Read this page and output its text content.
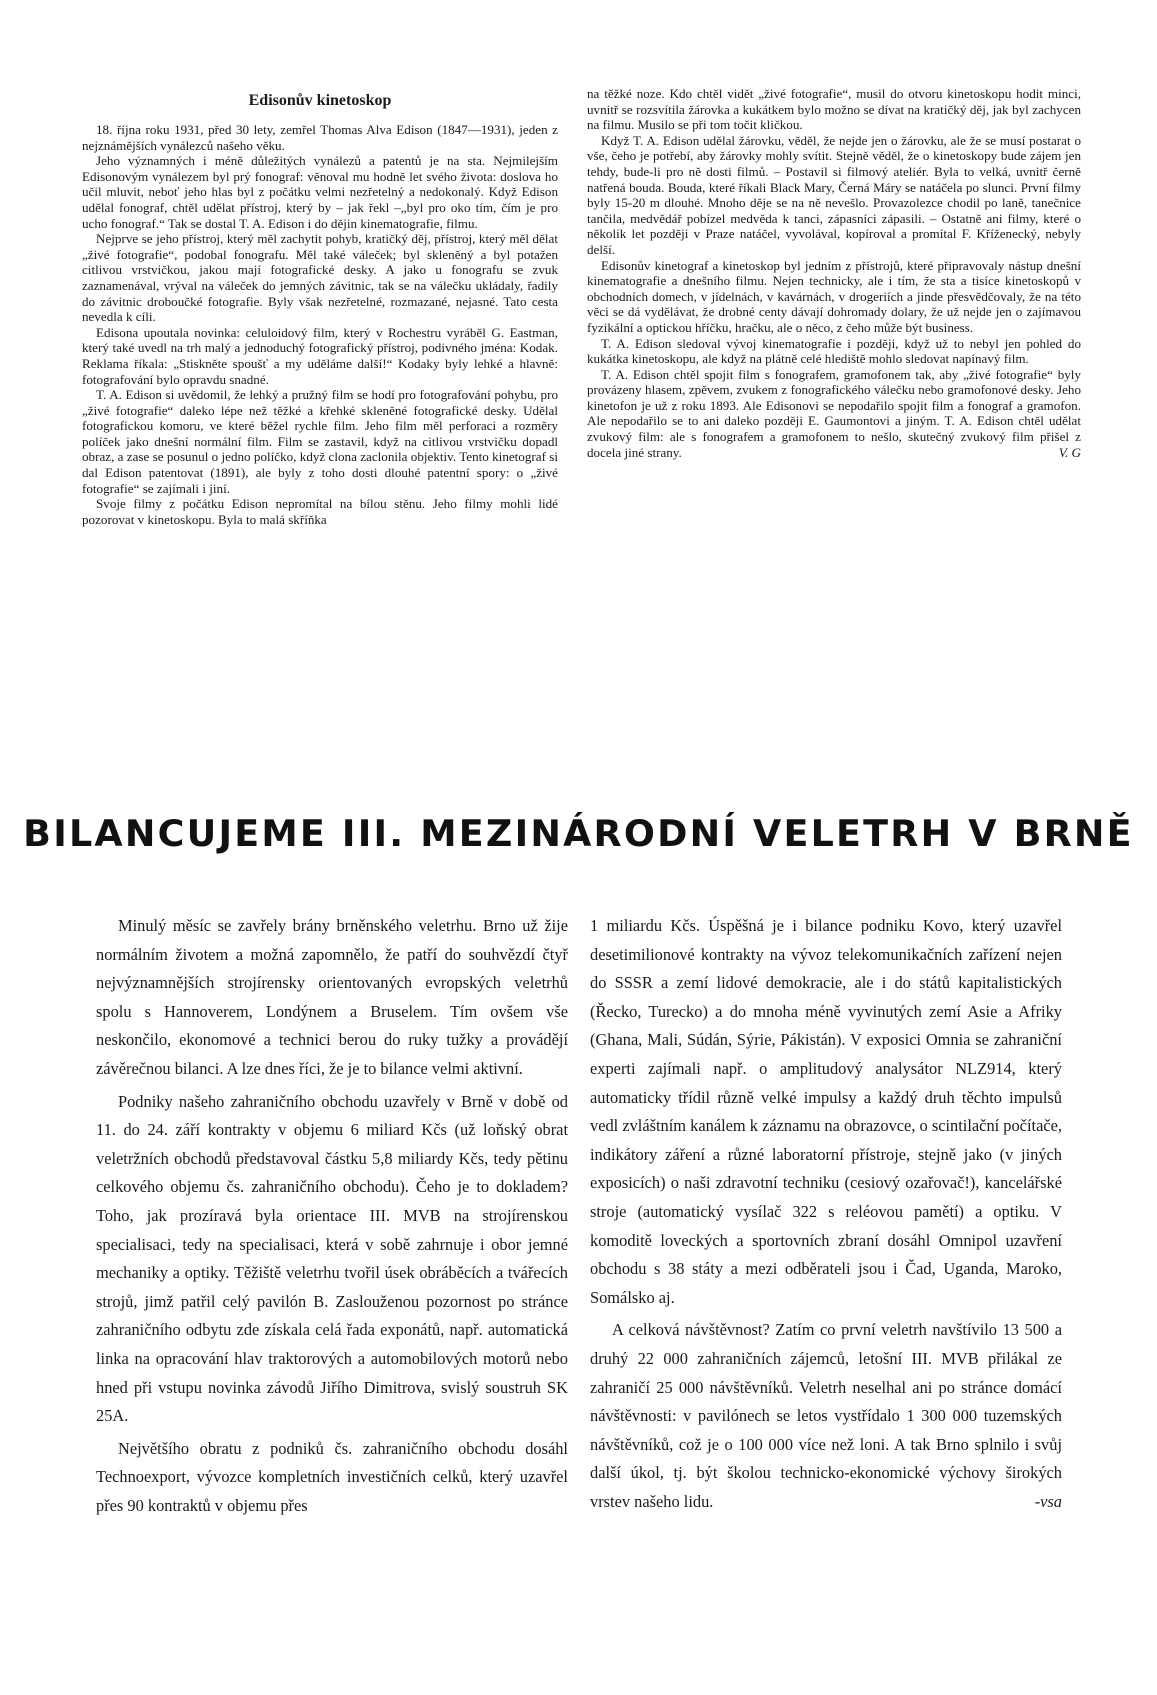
Edisonův kinetoskop

18. října roku 1931, před 30 lety, zemřel Thomas Alva Edison (1847—1931), jeden z nejznámějších vynálezců našeho věku.

Jeho významných i méně důležitých vynálezů a patentů je na sta. Nejmilejším Edisonovým vynálezem byl prý fonograf: věnoval mu hodně let svého života: doslova ho učil mluvit, neboť jeho hlas byl z počátku velmi nezřetelný a nedokonalý. Když Edison udělal fonograf, chtěl udělat přístroj, který by – jak řekl –„byl pro oko tím, čím je pro ucho fonograf.“ Tak se dostal T. A. Edison i do dějin kinematografie, filmu.

Nejprve se jeho přístroj, který měl zachytit pohyb, kratičký děj, přístroj, který měl dělat „živé fotografie“, podobal fonografu. Měl také váleček; byl skleněný a byl potažen citlivou vrstvičkou, jakou mají fotografické desky. A jako u fonografu se zvuk zaznamenával, vrýval na váleček do jemných závitnic, tak se na válečku ukládaly, řadily do závitnic droboučké fotografie. Byly však nezřetelné, rozmazané, nejasné. Tato cesta nevedla k cíli.

Edisona upoutala novinka: celuloidový film, který v Rochestru vyráběl G. Eastman, který také uvedl na trh malý a jednoduchý fotografický přístroj, podivného jména: Kodak. Reklama říkala: „Stiskněte spoušť a my uděláme další!“ Kodaky byly lehké a hlavně: fotografování bylo opravdu snadné.

T. A. Edison si uvědomil, že lehký a pružný film se hodí pro fotografování pohybu, pro „živé fotografie“ daleko lépe než těžké a křehké skleněné fotografické desky. Udělal fotografickou komoru, ve které běžel rychle film. Jeho film měl perforaci a rozměry políček jako dnešní normální film. Film se zastavil, když na citlivou vrstvičku dopadl obraz, a zase se posunul o jedno políčko, když clona zaclonila objektiv. Tento kinetograf si dal Edison patentovat (1891), ale byly z toho dosti dlouhé patentní spory: o „živé fotografie“ se zajímali i jiní.

Svoje filmy z počátku Edison nepromítal na bílou stěnu. Jeho filmy mohli lidé pozorovat v kinetoskopu. Byla to malá skříňka

na těžké noze. Kdo chtěl vidět „živé fotografie“, musil do otvoru kinetoskopu hodit minci, uvnitř se rozsvítila žárovka a kukátkem bylo možno se dívat na kratičký děj, jak byl zachycen na filmu. Musilo se při tom točit kličkou.

Když T. A. Edison udělal žárovku, věděl, že nejde jen o žárovku, ale že se musí postarat o vše, čeho je potřebí, aby žárovky mohly svítit. Stejně věděl, že o kinetoskopy bude zájem jen tehdy, bude-li pro ně dosti filmů. – Postavil si filmový ateliér. Byla to velká, uvnitř černě natřená bouda. Bouda, které říkali Black Mary, Černá Máry se natáčela po slunci. První filmy byly 15-20 m dlouhé. Mnoho děje se na ně nevešlo. Provazolezce chodil po laně, tanečnice tančila, medvědář pobízel medvěda k tanci, zápasníci zápasili. – Ostatně ani filmy, které o několik let později v Praze natáčel, vyvolával, kopíroval a promítal F. Kříženecký, nebyly delší.

Edisonův kinetograf a kinetoskop byl jedním z přístrojů, které připravovaly nástup dnešní kinematografie a dnešního filmu. Nejen technicky, ale i tím, že sta a tisíce kinetoskopů v obchodních domech, v jídelnách, v kavárnách, v drogeriích a jinde přesvědčovaly, že na této věci se dá vydělávat, že drobné centy dávají dohromady dolary, že už nejde jen o zajímavou fyzikální a optickou hříčku, hračku, ale o něco, z čeho může být business.

T. A. Edison sledoval vývoj kinematografie i později, když už to nebyl jen pohled do kukátka kinetoskopu, ale když na plátně celé hlediště mohlo sledovat napínavý film.

T. A. Edison chtěl spojit film s fonografem, gramofonem tak, aby „živé fotografie“ byly provázeny hlasem, zpěvem, zvukem z fonografického válečku nebo gramofonové desky. Jeho kinetofon je už z roku 1893. Ale Edisonovi se nepodařilo spojit film a fonograf a gramofon. Ale nepodařilo se to ani daleko později E. Gaumontovi a jiným. T. A. Edison chtěl udělat zvukový film: ale s fonografem a gramofonem to nešlo, skutečný zvukový film přišel z docela jiné strany.	V. G

BILANCUJEME III. MEZINÁRODNÍ VELETRH V BRNĚ

Minulý měsíc se zavřely brány brněnského veletrhu. Brno už žije normálním životem a možná zapomnělo, že patří do souhvězdí čtyř nejvýznamnějších strojírensky orientovaných evropských veletrhů spolu s Hannoverem, Londýnem a Bruselem. Tím ovšem vše neskončilo, ekonomové a technici berou do ruky tužky a provádějí závěrečnou bilanci. A lze dnes říci, že je to bilance velmi aktivní.

Podniky našeho zahraničního obchodu uzavřely v Brně v době od 11. do 24. září kontrakty v objemu 6 miliard Kčs (už loňský obrat veletržních obchodů představoval částku 5,8 miliardy Kčs, tedy pětinu celkového objemu čs. zahraničního obchodu). Čeho je to dokladem? Toho, jak prozíravá byla orientace III. MVB na strojírenskou specialisaci, tedy na specialisaci, která v sobě zahrnuje i obor jemné mechaniky a optiky. Těžiště veletrhu tvořil úsek obráběcích a tvářecích strojů, jimž patřil celý pavilón B. Zaslouženou pozornost po stránce zahraničního odbytu zde získala celá řada exponátů, např. automatická linka na opracování hlav traktorových a automobilových motorů nebo hned při vstupu novinka závodů Jiřího Dimitrova, svislý soustruh SK 25A.

Největšího obratu z podniků čs. zahraničního obchodu dosáhl Technoexport, vývozce kompletních investičních celků, který uzavřel přes 90 kontraktů v objemu přes

1 miliardu Kčs. Úspěšná je i bilance podniku Kovo, který uzavřel desetimilionové kontrakty na vývoz telekomunikačních zařízení nejen do SSSR a zemí lidové demokracie, ale i do států kapitalistických (Řecko, Turecko) a do mnoha méně vyvinutých zemí Asie a Afriky (Ghana, Mali, Súdán, Sýrie, Pákistán). V exposici Omnia se zahraniční experti zajímali např. o amplitudový analysátor NLZ914, který automaticky třídil různě velké impulsy a každý druh těchto impulsů vedl zvláštním kanálem k záznamu na obrazovce, o scintilační počítače, indikátory záření a různé laboratorní přístroje, stejně jako (v jiných exposicích) o naši zdravotní techniku (cesiový ozařovač!), kancelářské stroje (automatický vysílač 322 s reléovou pamětí) a optiku. V komoditě loveckých a sportovních zbraní dosáhl Omnipol uzavření obchodu s 38 státy a mezi odběrateli jsou i Čad, Uganda, Maroko, Somálsko aj.

A celková návštěvnost? Zatím co první veletrh navštívilo 13 500 a druhý 22 000 zahraničních zájemců, letošní III. MVB přilákal ze zahraničí 25 000 návštěvníků. Veletrh neselhal ani po stránce domácí návštěvnosti: v pavilónech se letos vystřídalo 1 300 000 tuzemských návštěvníků, což je o 100 000 více než loni. A tak Brno splnilo i svůj další úkol, tj. být školou technicko-ekonomické výchovy širokých vrstev našeho lidu.	-vsa
